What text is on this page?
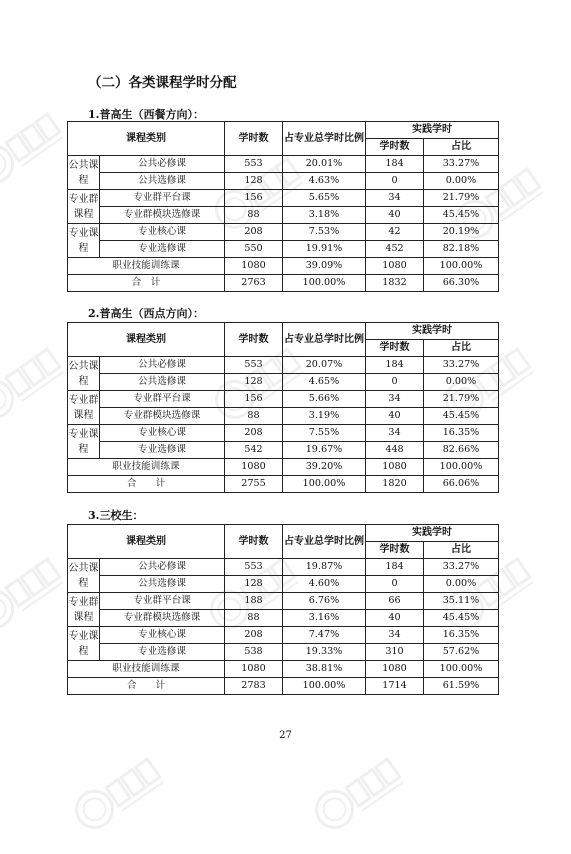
（二）各类课程学时分配
1.普高生（西餐方向）：
课程类别		学时数	占专业总学时比例	实践学时	
				学时数	占比
公共课程	公共必修课	553	20.01%	184	33.27%
	公共选修课	128	4.63%	0	0.00%
专业群课程	专业群平台课	156	5.65%	34	21.79%
	专业群模块选修课	88	3.18%	40	45.45%
专业课程	专业核心课	208	7.53%	42	20.19%
	专业选修课	550	19.91%	452	82.18%
职业技能训练课		1080	39.09%	1080	100.00%
合　计		2763	100.00%	1832	66.30%
2.普高生（西点方向）：
课程类别		学时数	占专业总学时比例	实践学时	
				学时数	占比
公共课程	公共必修课	553	20.07%	184	33.27%
	公共选修课	128	4.65%	0	0.00%
专业群课程	专业群平台课	156	5.66%	34	21.79%
	专业群模块选修课	88	3.19%	40	45.45%
专业课程	专业核心课	208	7.55%	34	16.35%
	专业选修课	542	19.67%	448	82.66%
职业技能训练课		1080	39.20%	1080	100.00%
合　　计		2755	100.00%	1820	66.06%
3.三校生：
课程类别		学时数	占专业总学时比例	实践学时	
				学时数	占比
公共课程	公共必修课	553	19.87%	184	33.27%
	公共选修课	128	4.60%	0	0.00%
专业群课程	专业群平台课	188	6.76%	66	35.11%
	专业群模块选修课	88	3.16%	40	45.45%
专业课程	专业核心课	208	7.47%	34	16.35%
	专业选修课	538	19.33%	310	57.62%
职业技能训练课		1080	38.81%	1080	100.00%
合　　计		2783	100.00%	1714	61.59%
27
